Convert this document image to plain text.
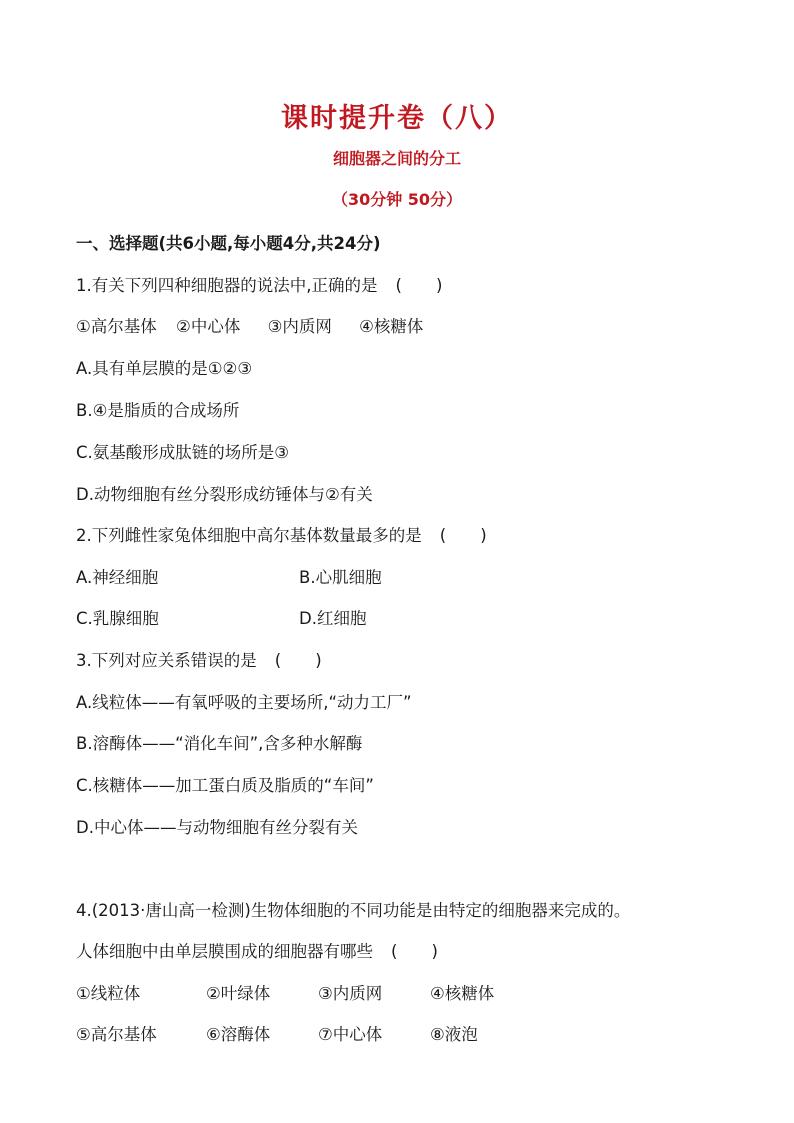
课时提升卷（八）
细胞器之间的分工
（30分钟 50分）
一、选择题(共6小题,每小题4分,共24分)
1.有关下列四种细胞器的说法中,正确的是 ( )
①高尔基体 ②中心体 ③内质网 ④核糖体
A.具有单层膜的是①②③
B.④是脂质的合成场所
C.氨基酸形成肽链的场所是③
D.动物细胞有丝分裂形成纺锤体与②有关
2.下列雌性家兔体细胞中高尔基体数量最多的是 ( )
A.神经细胞	B.心肌细胞
C.乳腺细胞	D.红细胞
3.下列对应关系错误的是 ( )
A.线粒体——有氧呼吸的主要场所,“动力工厂”
B.溶酶体——“消化车间”,含多种水解酶
C.核糖体——加工蛋白质及脂质的“车间”
D.中心体——与动物细胞有丝分裂有关
4.(2013·唐山高一检测)生物体细胞的不同功能是由特定的细胞器来完成的。
人体细胞中由单层膜围成的细胞器有哪些 ( )
①线粒体	②叶绿体	③内质网	④核糖体
⑤高尔基体	⑥溶酶体	⑦中心体	⑧液泡
